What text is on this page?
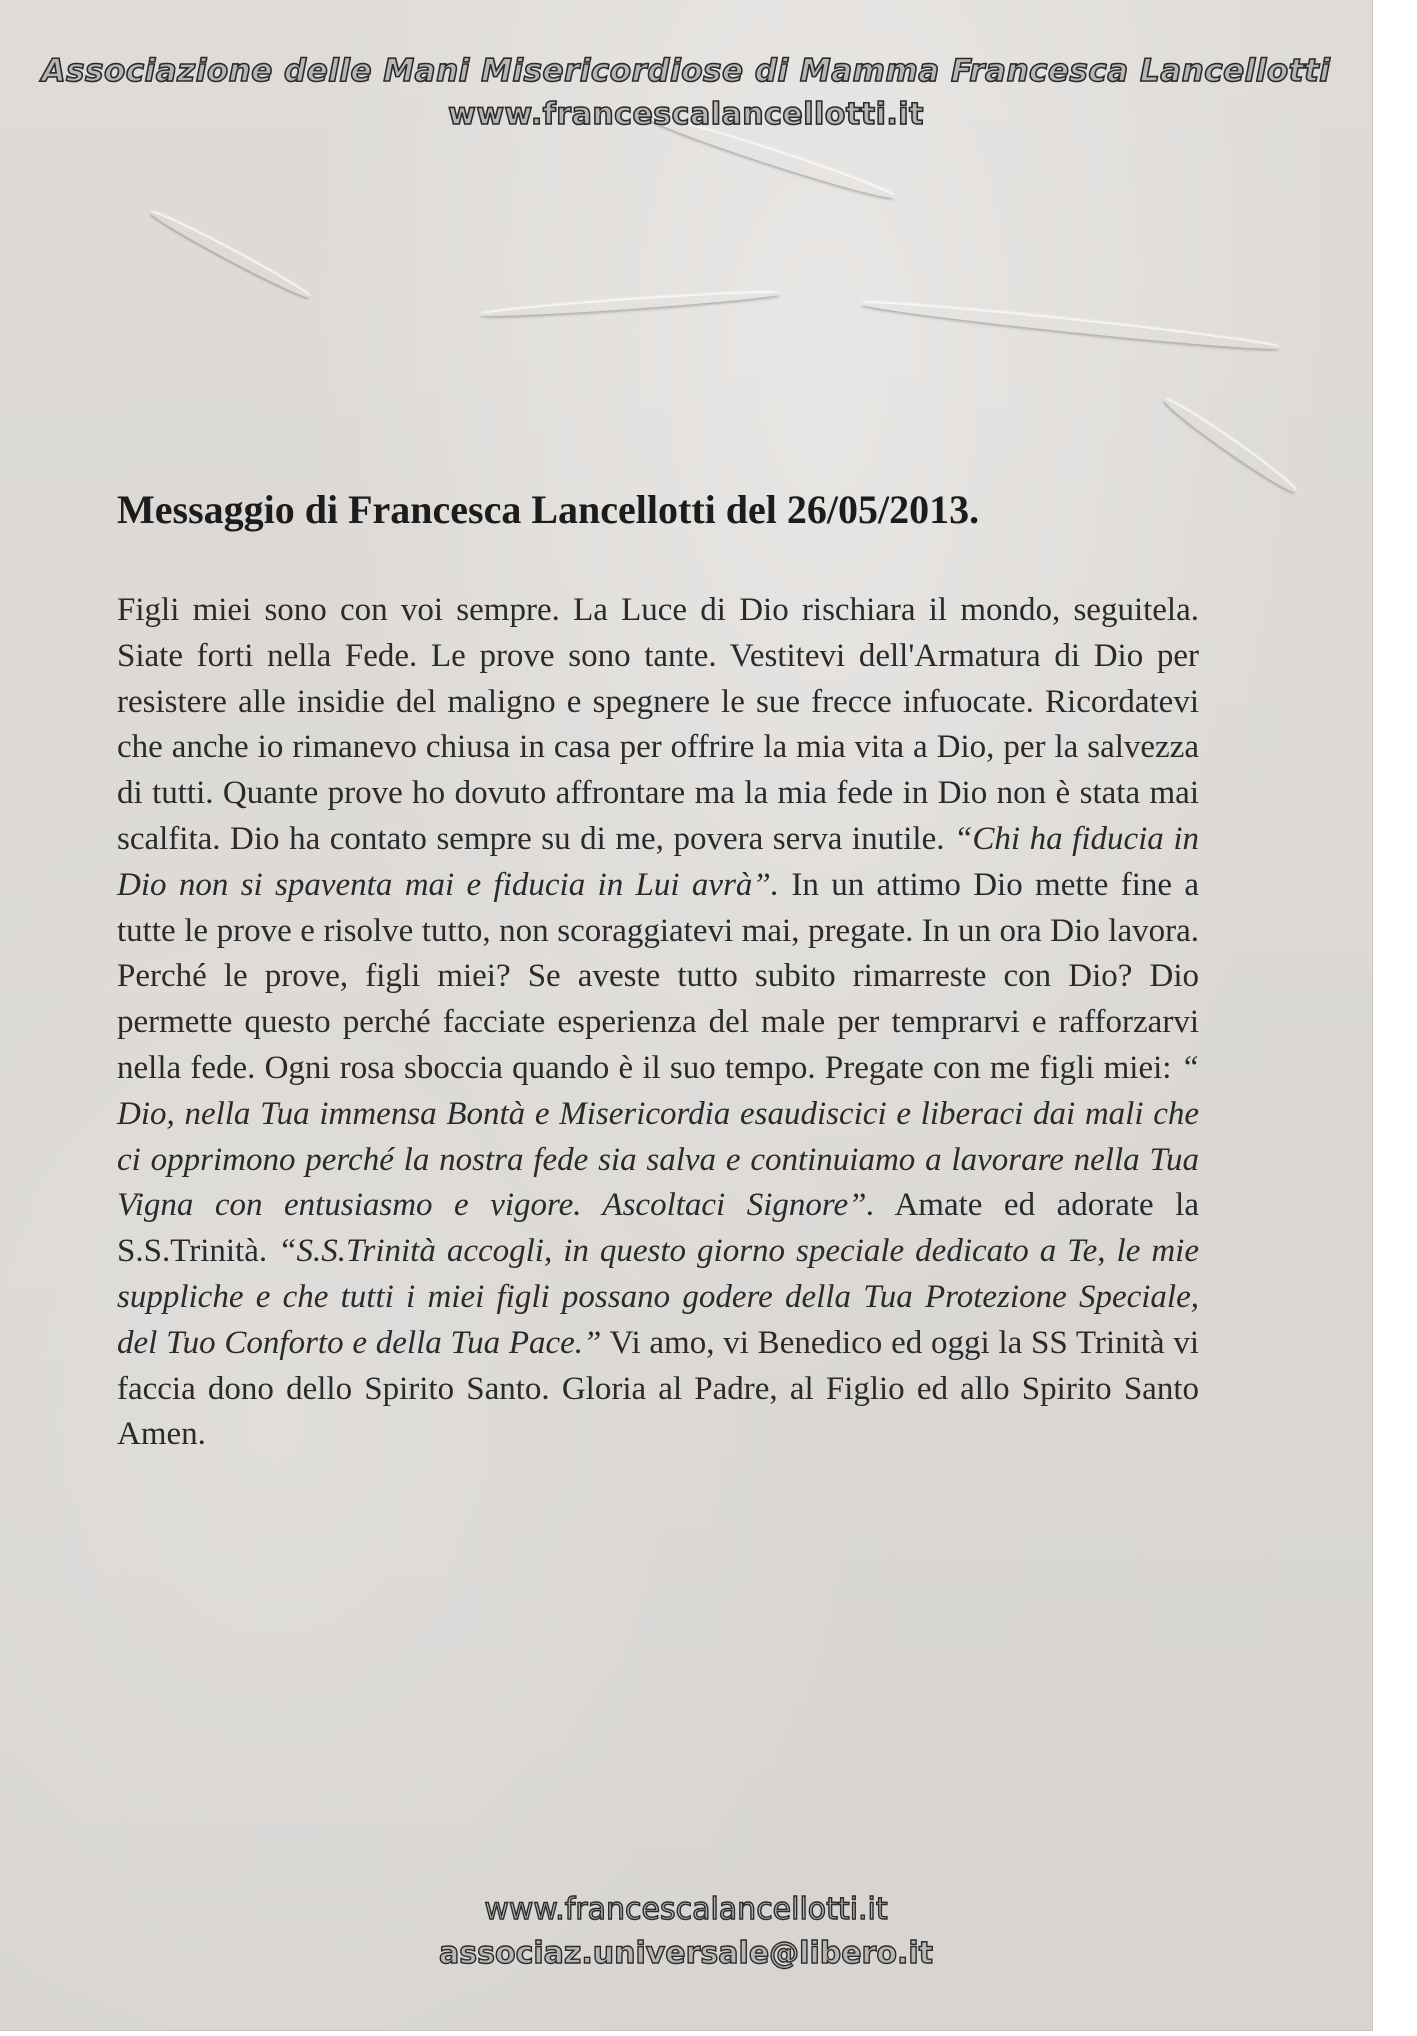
Associazione delle Mani Misericordiose di Mamma Francesca Lancellotti
www.francescalancellotti.it
Messaggio di Francesca Lancellotti del 26/05/2013.

Figli miei sono con voi sempre. La Luce di Dio rischiara il mondo, seguitela. Siate forti nella Fede. Le prove sono tante. Vestitevi dell'Armatura di Dio per resistere alle insidie del maligno e spegnere le sue frecce infuocate. Ricordatevi che anche io rimanevo chiusa in casa per offrire la mia vita a Dio, per la salvezza di tutti. Quante prove ho dovuto affrontare ma la mia fede in Dio non è stata mai scalfita. Dio ha contato sempre su di me, povera serva inutile. “Chi ha fiducia in Dio non si spaventa mai e fiducia in Lui avrà”. In un attimo Dio mette fine a tutte le prove e risolve tutto, non scoraggiatevi mai, pregate. In un ora Dio lavora. Perché le prove, figli miei? Se aveste tutto subito rimarreste con Dio? Dio permette questo perché facciate esperienza del male per temprarvi e rafforzarvi nella fede. Ogni rosa sboccia quando è il suo tempo. Pregate con me figli miei: “ Dio, nella Tua immensa Bontà e Misericordia esaudiscici e liberaci dai mali che ci opprimono perché la nostra fede sia salva e continuiamo a lavorare nella Tua Vigna con entusiasmo e vigore. Ascoltaci Signore”. Amate ed adorate la S.S.Trinità. “S.S.Trinità accogli, in questo giorno speciale dedicato a Te, le mie suppliche e che tutti i miei figli possano godere della Tua Protezione Speciale, del Tuo Conforto e della Tua Pace.” Vi amo, vi Benedico ed oggi la SS Trinità vi faccia dono dello Spirito Santo. Gloria al Padre, al Figlio ed allo Spirito Santo Amen.

www.francescalancellotti.it
associaz.universale@libero.it
